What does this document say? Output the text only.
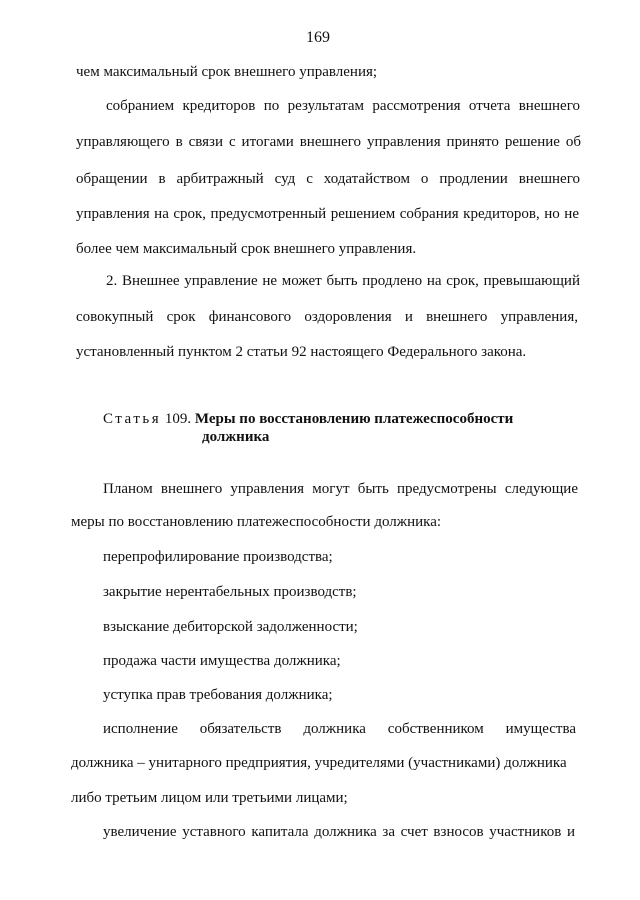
169
чем максимальный срок внешнего управления;
собранием кредиторов по результатам рассмотрения отчета внешнего
управляющего в связи с итогами внешнего управления принято решение об
обращении в арбитражный суд с ходатайством о продлении внешнего
управления на срок, предусмотренный решением собрания кредиторов, но не
более чем максимальный срок внешнего управления.
2. Внешнее управление не может быть продлено на срок, превышающий
совокупный срок финансового оздоровления и внешнего управления,
установленный пунктом 2 статьи 92 настоящего Федерального закона.
Статья 109. Меры по восстановлению платежеспособности
должника
Планом внешнего управления могут быть предусмотрены следующие
меры по восстановлению платежеспособности должника:
перепрофилирование производства;
закрытие нерентабельных производств;
взыскание дебиторской задолженности;
продажа части имущества должника;
уступка прав требования должника;
исполнение обязательств должника собственником имущества
должника – унитарного предприятия, учредителями (участниками) должника
либо третьим лицом или третьими лицами;
увеличение уставного капитала должника за счет взносов участников и
